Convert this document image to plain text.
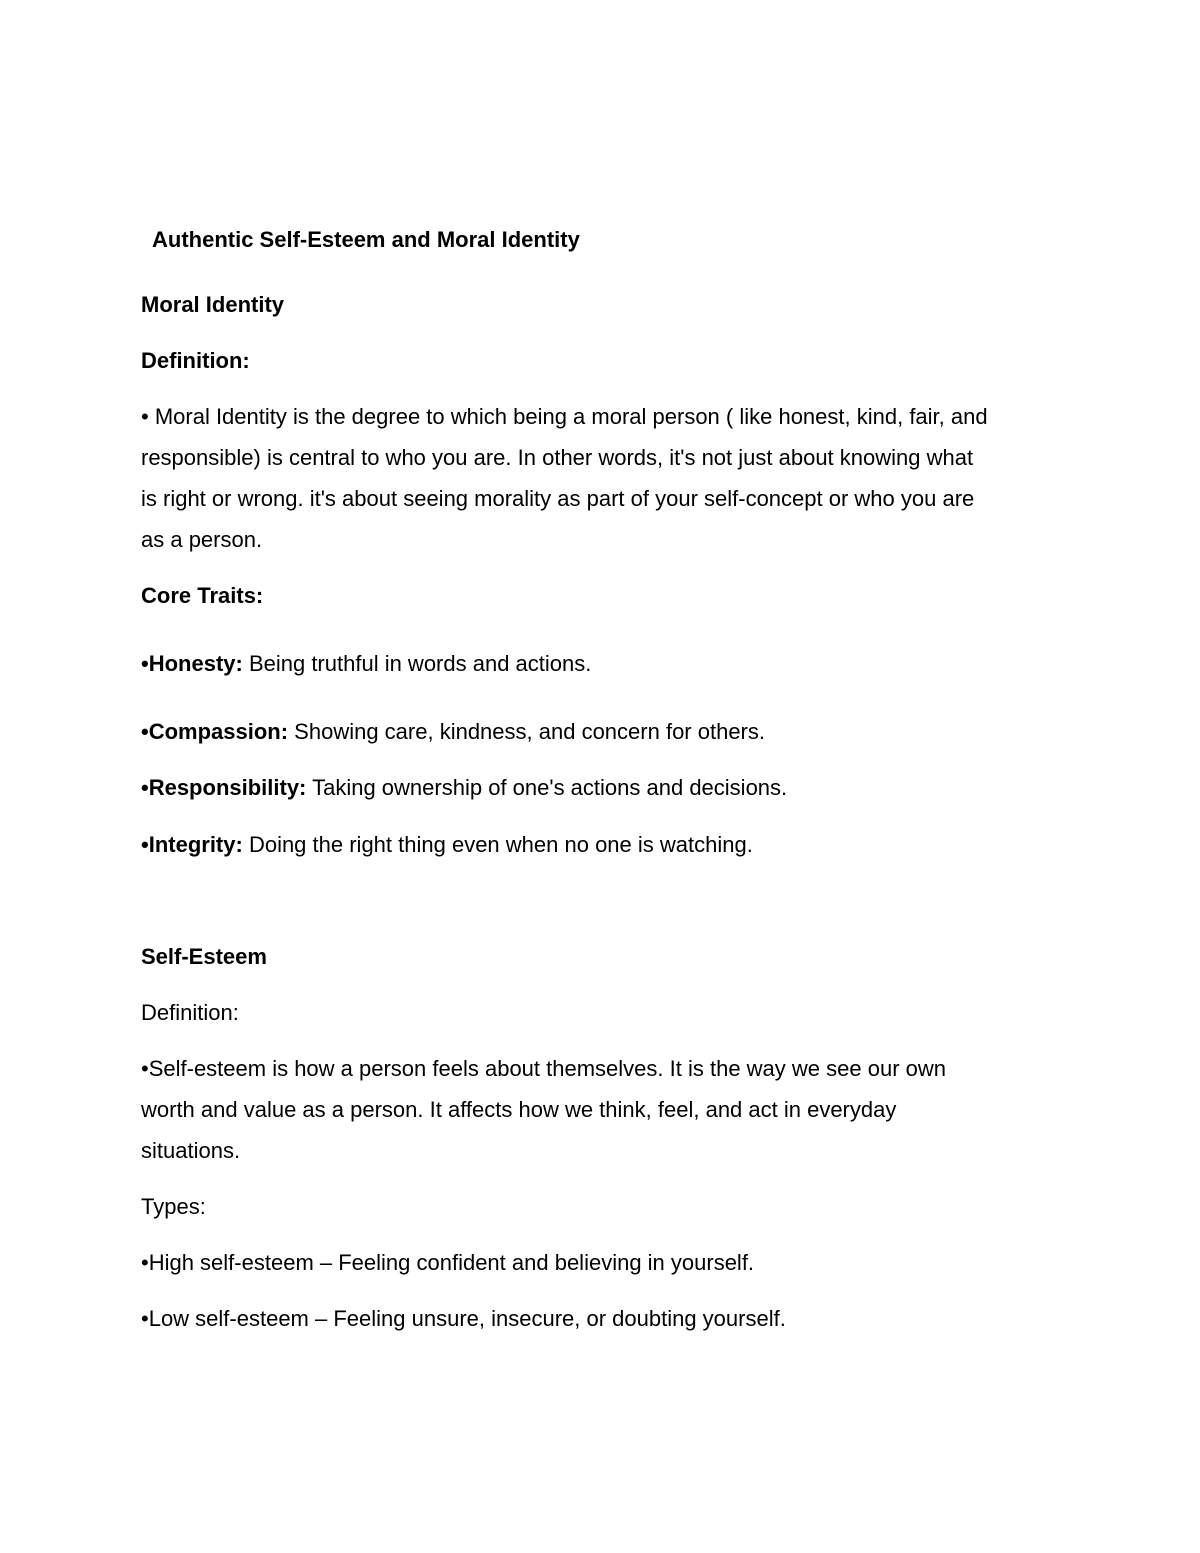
Authentic Self-Esteem and Moral Identity
Moral Identity

Definition:

• Moral Identity is the degree to which being a moral person ( like honest, kind, fair, and
responsible) is central to who you are. In other words, it's not just about knowing what
is right or wrong. it's about seeing morality as part of your self-concept or who you are
as a person.

Core Traits:

•Honesty: Being truthful in words and actions.

•Compassion: Showing care, kindness, and concern for others.

•Responsibility: Taking ownership of one's actions and decisions.

•Integrity: Doing the right thing even when no one is watching.

Self-Esteem

Definition:

•Self-esteem is how a person feels about themselves. It is the way we see our own
worth and value as a person. It affects how we think, feel, and act in everyday
situations.

Types:

•High self-esteem – Feeling confident and believing in yourself.

•Low self-esteem – Feeling unsure, insecure, or doubting yourself.
